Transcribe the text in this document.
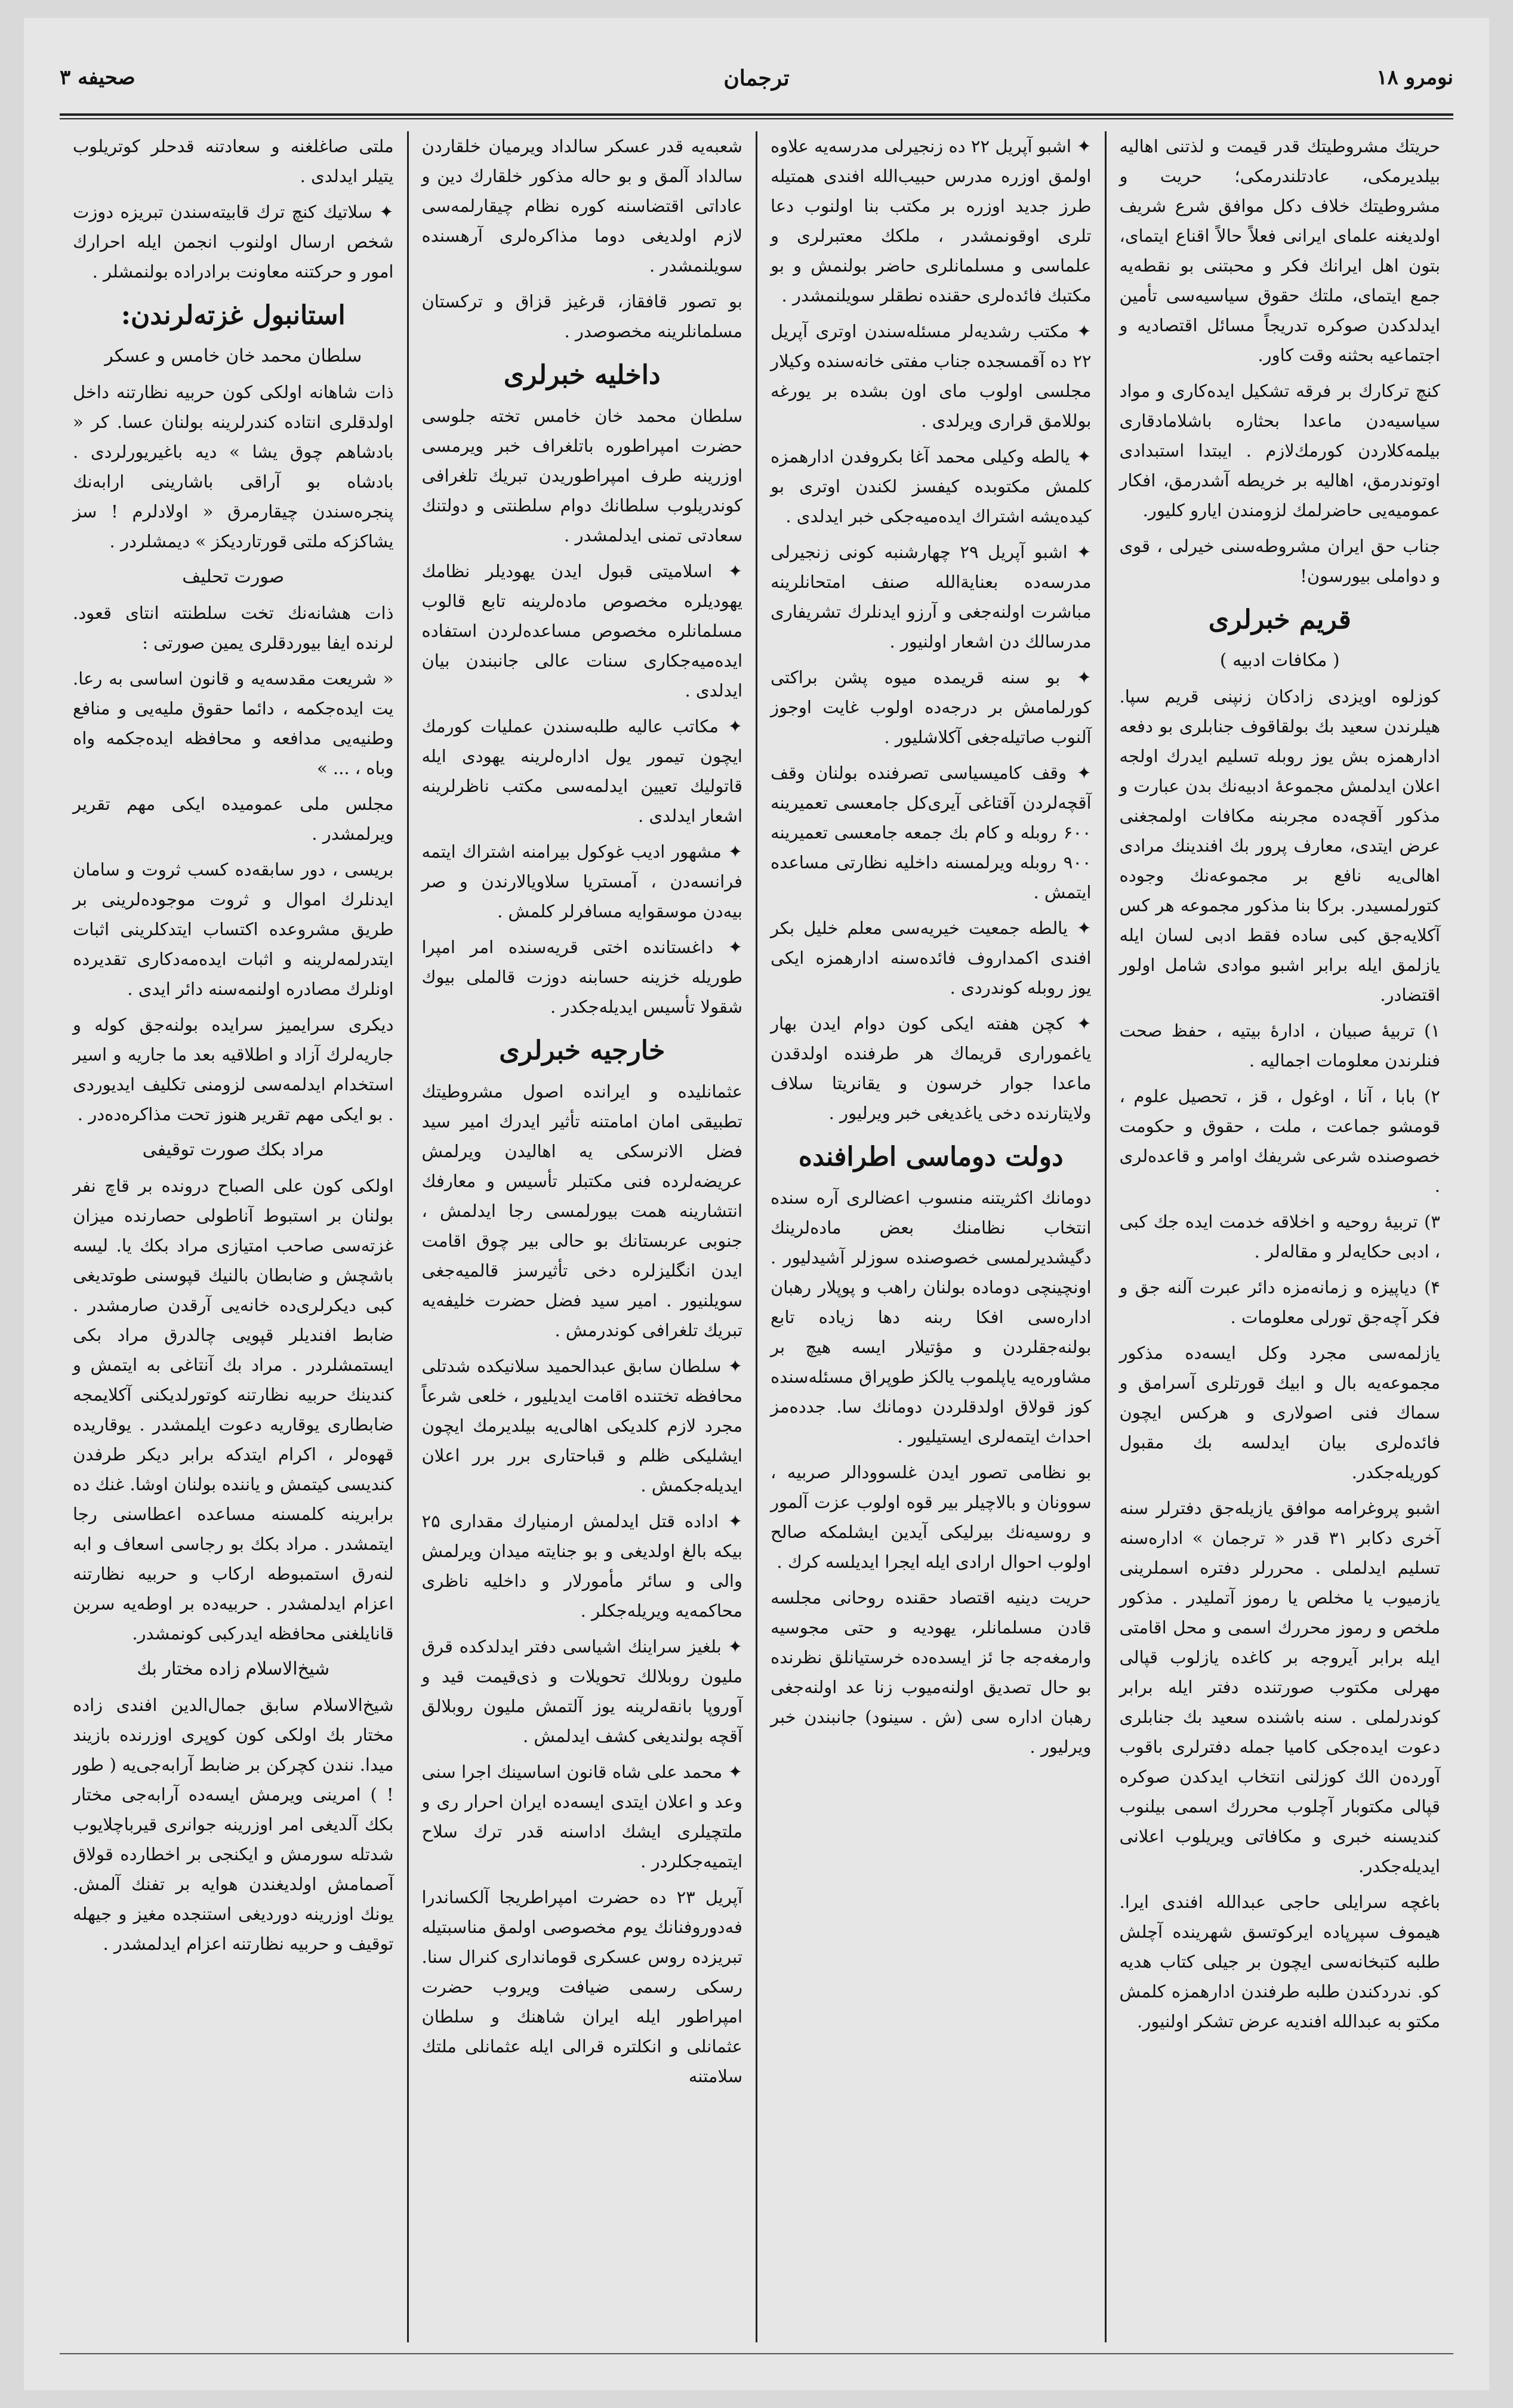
نومرو ۱۸
ترجمان
صحیفه ۳

حریتك مشروطیتك قدر قیمت و لذتنی اهالیه بیلدیرمكی، عادتلندرمكی؛ حریت و مشروطیتك خلاف دكل موافق شرع شریف اولدیغنه علمای ایرانی فعلاً حالاً اقناع ایتمای، بتون اهل ایرانك فكر و محبتنی بو نقطه‌یه جمع ایتمای، ملتك حقوق سیاسیه‌سی تأمین ایدلدكدن صوكره تدریجاً مسائل اقتصادیه و اجتماعیه بحثنه وقت كاور.

كنچ تركارك بر فرقه تشكیل ایده‌كاری و مواد سیاسیه‌دن ماعدا بحثاره باشلامادقاری بیلمه‌كلاردن كورمك‌لازم . ایبتدا استبدادی اوتوندرمق، اهالیه بر خریطه آشدرمق، افكار عمومیه‌یی حاضرلمك لزومندن ایارو كلیور.

جناب حق ایران مشروطه‌سنی خیرلی ، قوی و دواملی بیورسون!

قریم خبرلری
( مكافات ادبیه )

كوزلوه اویزدی زادكان زنپنی قریم سپا. هیلرندن سعید بك بولقاقوف جنابلری بو دفعه ادارهمزه بش یوز روبله تسلیم ایدرك اولجه اعلان ایدلمش مجموعهٔ ادبیه‌نك بدن عبارت و مذكور آقچه‌ده مجربنه مكافات اولمجغنی عرض ایتدی، معارف پرور بك افندینك مرادی اهالی‌یه نافع بر مجموعه‌نك وجوده كتورلمسیدر. بركا بنا مذكور مجموعه هر كس آكلایه‌جق كبی ساده فقط ادبی لسان ایله یازلمق ایله برابر اشبو موادی شامل اولور اقتضادر.

۱) تربیهٔ صبیان ، ادارهٔ بیتیه ، حفظ صحت فنلرندن معلومات اجمالیه .

۲) بابا ، آنا ، اوغول ، قز ، تحصیل علوم ، قومشو جماعت ، ملت ، حقوق و حكومت خصوصنده شرعی شریفك اوامر و قاعده‌لری .

۳) تربیهٔ روحیه و اخلاقه خدمت ایده جك كبی ، ادبی حكایه‌لر و مقاله‌لر .

۴) دیاپیزه و زمانه‌مزه دائر عبرت آلنه جق و فكر آچه‌جق تورلی معلومات .

یازلمه‌سی مجرد وكل ایسه‌ده مذكور مجموعه‌یه بال و ابیك قورتلری آسرامق و سماك فنی اصولاری و هركس ایچون فائده‌لری بیان ایدلسه بك مقبول كوریله‌جكدر.

اشبو پروغرامه موافق یازیله‌جق دفترلر سنه آخری دكابر ۳۱ قدر « ترجمان » اداره‌سنه تسلیم ایدلملی . محررلر دفتره اسملرینی یازمیوب یا مخلص یا رموز آتملیدر . مذكور ملخص و رموز محررك اسمی و محل اقامتی ایله برابر آیروجه بر كاغده یازلوب قپالی مهرلی مكتوب صورتنده دفتر ایله برابر كوندرلملی . سنه باشنده سعید بك جنابلری دعوت ایده‌جكی كامیا جمله دفترلری باقوب آورده‌ن الك كوزلنی انتخاب ایدكدن صوكره قپالی مكتوبار آچلوب محررك اسمی بیلنوب كندیسنه خبری و مكافاتی ویریلوب اعلانی ایدیله‌جكدر.

باغچه سرایلی حاجی عبدالله افندی ایرا. هیموف سپرپاده ایركوتسق شهرینده آچلش طلبه كتبخانه‌سی ایچون بر جیلی كتاب هدیه كو. ندردكندن طلبه طرفندن ادارهمزه كلمش مكتو به عبدالله افندیه عرض تشكر اولنیور.

✦ اشبو آپریل ۲۲ ده زنجیرلی مدرسه‌یه علاوه اولمق اوزره مدرس حبیب‌الله افندی همتیله طرز جدید اوزره بر مكتب بنا اولنوب دعا تلری اوقونمشدر ، ملكك معتبرلری و علماسی و مسلمانلری حاضر بولنمش و بو مكتبك فائده‌لری حقنده نطقلر سویلنمشدر .

✦ مكتب رشدیه‌لر مسئله‌سندن اوتری آپریل ۲۲ ده آقمسجده جناب مفتی خانه‌سنده وكیلار مجلسی اولوب مای اون بشده بر یورغه بوللامق قراری ویرلدی .

✦ یالطه وكیلی محمد آغا بكروفدن ادارهمزه كلمش مكتوبده كیفسز لكندن اوتری بو كیده‌یشه اشتراك ایده‌میه‌جكی خبر ایدلدی .

✦ اشبو آپریل ۲۹ چهارشنبه كونی زنجیرلی مدرسه‌ده بعنایة‌الله صنف امتحانلرینه مباشرت اولنه‌جغی و آرزو ایدنلرك تشریفاری مدرسالك دن اشعار اولنیور .

✦ بو سنه قریمده میوه پشن براكتی كورلمامش بر درجه‌ده اولوب غایت اوجوز آلنوب صاتیله‌جغی آكلاشلیور .

✦ وقف كامیسیاسی تصرفنده بولنان وقف آقچه‌لردن آقتاغی آیری‌كل جامعسی تعمیرینه ۶۰۰ روبله و كام بك جمعه جامعسی تعمیرینه ۹۰۰ روبله ویرلمسنه داخلیه نظارتی مساعده ایتمش .

✦ یالطه جمعیت خیریه‌سی معلم خلیل بكر افندی اكمداروف فائده‌سنه ادارهمزه ایکی یوز روبله كوندردی .

✦ كچن هفته ایكی كون دوام ایدن بهار یاغموراری قریماك هر طرفنده اولدقدن ماعدا جوار خرسون و یقانریتا سلاف ولایتارنده دخی یاغدیغی خبر ویرلیور .

دولت دوماسی اطرافنده

دومانك اكثریتنه منسوب اعضالری آره سنده انتخاب نظامنك بعض ماده‌لرینك دگیشدیرلمسی خصوصنده سوزلر آشیدلیور . اونچینچی دوماده بولنان راهب و پوپلار رهبان اداره‌سی افكا ربنه دها زیاده تابع بولنه‌جقلردن و مؤتیلار ایسه هیچ بر مشاوره‌یه یاپلموب یالكز طوپراق مسئله‌سنده كوز قولاق اولدقلردن دومانك سا. جدده‌مز احداث ایتمه‌لری ایستیلیور .

بو نظامی تصور ایدن غلسوودالر صربیه ، سوونان و بالاچیلر بیر قوه اولوب عزت آلمور و روسیه‌نك بیرلیكی آیدین ایشلمكه صالح اولوب احوال ارادی ایله ایجرا ایدیلسه كرك .

حریت دینیه اقتصاد حقنده روحانی مجلسه قادن مسلمانلر، یهودیه و حتی مجوسیه وارمغه‌جه جا ئز ایسده‌ده خرستیانلق نظرنده بو حال تصدیق اولنه‌میوب زنا عد اولنه‌جغی رهبان اداره سی (ش . سینود) جانبندن خبر ویرلیور .

شعبه‌یه قدر عسكر سالداد ویرمیان خلقاردن سالداد آلمق و بو حاله مذكور خلقارك دین و عاداتی اقتضاسنه كوره نظام چیقارلمه‌سی لازم اولدیغی دوما مذاكره‌لری آرهسنده سویلنمشدر .

بو تصور قافقاز، قرغیز قزاق و تركستان مسلمانلرینه مخصوصدر .

داخلیه خبرلری

سلطان محمد خان خامس تخته جلوسی حضرت امپراطوره باتلغراف خبر ویرمسی اوزرینه طرف امپراطوریدن تبریك تلغرافی كوندریلوب سلطانك دوام سلطنتی و دولتنك سعادتی تمنی ایدلمشدر .

✦ اسلامیتی قبول ایدن یهودیلر نظامك یهودیلره مخصوص ماده‌لرینه تابع قالوب مسلمانلره مخصوص مساعده‌لردن استفاده ایده‌میه‌جكاری سنات عالی جانبندن بیان ایدلدی .

✦ مكاتب عالیه طلبه‌سندن عملیات كورمك ایچون تیمور یول اداره‌لرینه یهودی ایله قاتولیك تعیین ایدلمه‌سی مكتب ناظرلرینه اشعار ایدلدی .

✦ مشهور ادیب غوكول بیرامنه اشتراك ایتمه فرانسه‌دن ، آمستریا سلاویالارندن و صر بیه‌دن موسقوایه مسافرلر كلمش .

✦ داغستانده اختی قریه‌سنده امر امپرا طوریله خزینه حسابنه دوزت قالملی بیوك شقولا تأسیس ایدیله‌جكدر .

خارجیه خبرلری

عثمانلیده و ایرانده اصول مشروطیتك تطبیقی امان امامتنه تأثیر ایدرك امیر سید فضل الانرسكی یه اهالیدن ویرلمش عریضه‌لرده فنی مكتبلر تأسیس و معارفك انتشارینه همت بیورلمسی رجا ایدلمش ، جنوبی عربستانك بو حالی بیر چوق اقامت ایدن انگلیزلره دخی تأثیرسز قالمیه‌جغی سویلنیور . امیر سید فضل حضرت خلیفه‌یه تبریك تلغرافی كوندرمش .

✦ سلطان سابق عبدالحمید سلانیكده شدتلی محافظه تختنده اقامت ایدیلیور ، خلعی شرعاً مجرد لازم كلدیكی اهالی‌یه بیلدیرمك ایچون ایشلیكی ظلم و قباحتاری برر برر اعلان ایدیله‌جكمش .

✦ اداده قتل ایدلمش ارمنیارك مقداری ۲۵ بیكه بالغ اولدیغی و بو جنایته میدان ویرلمش والی و سائر مأمورلار و داخلیه ناظری محاكمه‌یه ویریله‌جكلر .

✦ بلغیز سراینك اشیاسی دفتر ایدلدكده قرق ملیون روبلالك تحویلات و ذی‌قیمت قید و آوروپا بانقه‌لرینه یوز آلتمش ملیون روبلالق آقچه بولندیغی كشف ایدلمش .

✦ محمد علی شاه قانون اساسینك اجرا سنی وعد و اعلان ایتدی ایسه‌ده ایران احرار ری و ملتچیلری ایشك اداسنه قدر ترك سلاح ایتمیه‌جكلردر .

آپریل ۲۳ ده حضرت امپراطریجا آلكساندرا فه‌دوروفنانك یوم مخصوصی اولمق مناسبتیله تبریزده روس عسكری قومانداری كنرال سنا. رسكی رسمی ضیافت ویروب حضرت امپراطور ایله ایران شاهنك و سلطان عثمانلی و انكلتره قرالی ایله عثمانلی ملتك سلامتنه

ملتی صاغلغنه و سعادتنه قدحلر كوتریلوب یتیلر ایدلدی .

✦ سلاتیك كنچ ترك قابیته‌سندن تبریزه دوزت شخص ارسال اولنوب انجمن ایله احرارك امور و حركتنه معاونت برادراده بولنمشلر .

استانبول غزته‌لرندن:
سلطان محمد خان خامس و عسكر

ذات شاهانه اولكی كون حربیه نظارتنه داخل اولدقلری انتاده كندرلرینه بولنان عسا. كر « بادشاهم چوق یشا » دیه باغیریورلردی . بادشاه بو آراقی باشارینی ارابه‌نك پنجره‌سندن چیقارمرق « اولادلرم ! سز یشاكزكه ملتی قورتاردیكز » دیمشلردر .

صورت تحلیف

ذات هشانه‌نك تخت سلطنته انتای قعود. لرنده ایفا بیوردقلری یمین صورتی :

« شریعت مقدسه‌یه و قانون اساسی به رعا. یت ایده‌جكمه ، دائما حقوق ملیه‌یی و منافع وطنیه‌یی مدافعه و محافظه ایده‌جكمه واه وباه ، ... »

مجلس ملی عمومیده ایكی مهم تقریر ویرلمشدر .

بریسی ، دور سابقه‌ده كسب ثروت و سامان ایدنلرك اموال و ثروت موجوده‌لرینی بر طریق مشروعده اكتساب ایتدكلرینی اثبات ایتدرلمه‌لرینه و اثبات ایده‌مه‌دكاری تقدیرده اونلرك مصادره اولنمه‌سنه دائر ایدی .

دیكری سرایمیز سرایده بولنه‌جق كوله و جاریه‌لرك آزاد و اطلاقیه بعد ما جاریه و اسیر استخدام ایدلمه‌سی لزومنی تكلیف ایدیوردی . بو ایكی مهم تقریر هنوز تحت مذاكره‌ده‌در .

مراد بكك صورت توقیفی

اولكی كون علی الصباح درونده بر قاچ نفر بولنان بر استبوط آناطولی حصارنده میزان غزته‌سی صاحب امتیازی مراد بكك یا. لیسه باشچش و ضابطان بالنیك قپوسنی طوتدیغی كبی دیكرلری‌ده خانه‌یی آرقدن صارمشدر . ضابط افندیلر قپویی چالدرق مراد بكی ایستمشلردر . مراد بك آنتاغی به ایتمش و كندینك حربیه نظارتنه كوتورلدیكنی آكلایمجه ضابطاری یوقاریه دعوت ایلمشدر . یوقاریده قهوه‌لر ، اكرام ایتدكه برابر دیكر طرفدن كندیسی كیتمش و یاننده بولنان اوشا. غنك ده برابرینه كلمسنه مساعده اعطاسنی رجا ایتمشدر . مراد بكك بو رجاسی اسعاف و ابه لنه‌رق استمبوطه اركاب و حربیه نظارتنه اعزام ایدلمشدر . حربیه‌ده بر اوطه‌یه سربن قانایلغنی محافظه ایدركبی كونمشدر.

شیخ‌الاسلام زاده مختار بك

شیخ‌الاسلام سابق جمال‌الدین افندی زاده مختار بك اولكی كون كوپری اوزرنده بازیند میدا. نندن كچركن بر ضابط آرابه‌جی‌یه ( طور ! ) امرینی ویرمش ایسه‌ده آرابه‌جی مختار بكك آلدیغی امر اوزرینه جوانری قیرباچلایوب شدتله سورمش و ایكنجی بر اخطارده قولاق آصمامش اولدیغندن هوایه بر تفنك آلمش. یونك اوزرینه دوردیغی استنجده مغیز و جیهله توقیف و حربیه نظارتنه اعزام ایدلمشدر .
